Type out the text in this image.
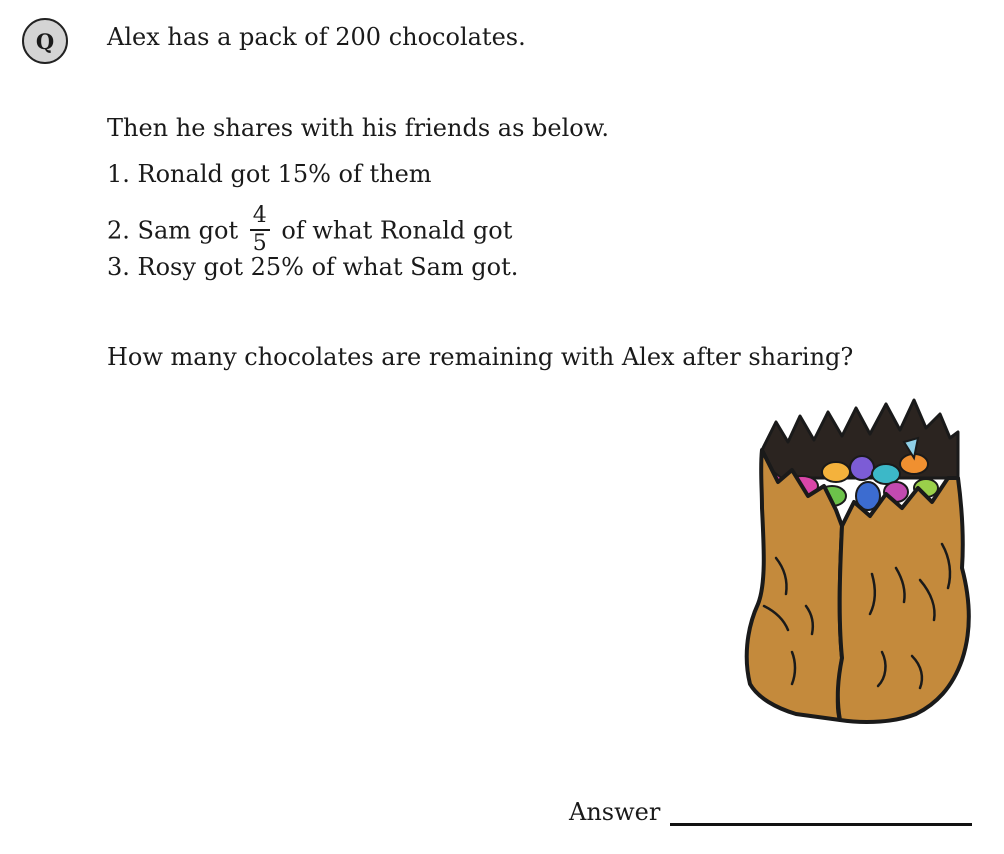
Q Alex has a pack of 200 chocolates.
Then he shares with his friends as below.
1. Ronald got 15% of them
2. Sam got $\frac{4}{5}$ of what Ronald got
3. Rosy got 25% of what Sam got.
How many chocolates are remaining with Alex after sharing?
Answer
